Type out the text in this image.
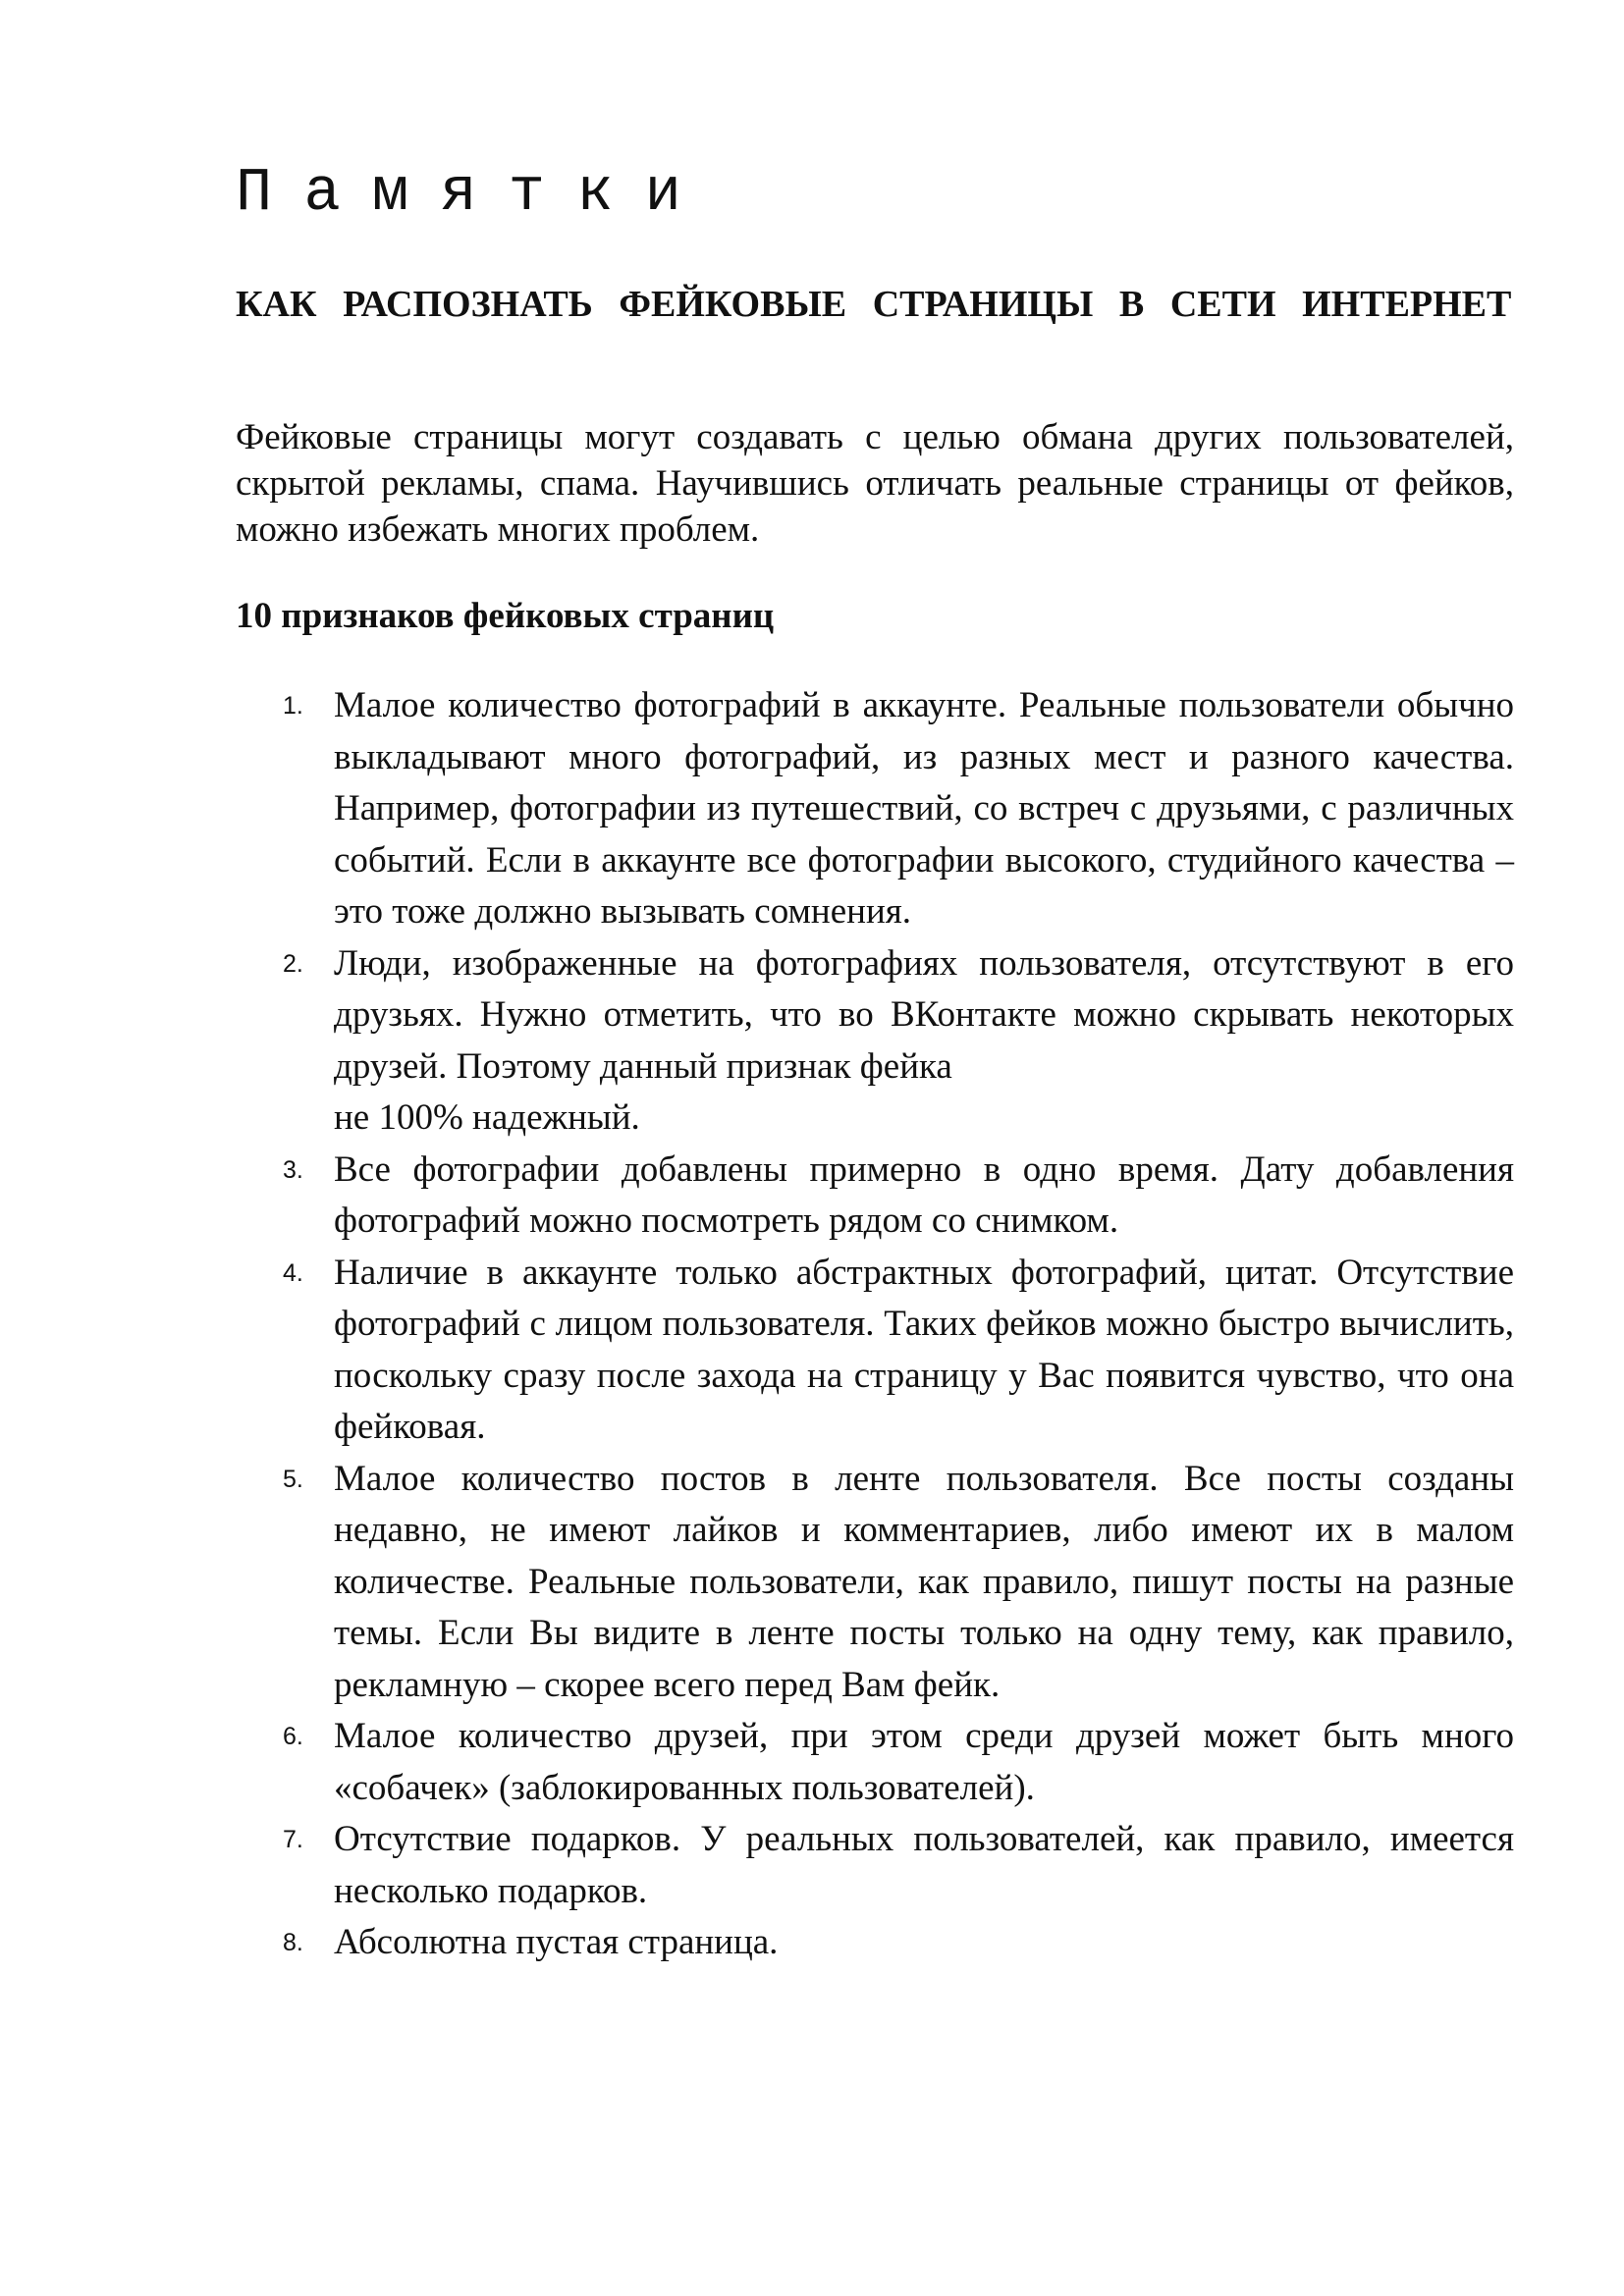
Памятки
КАК РАСПОЗНАТЬ ФЕЙКОВЫЕ СТРАНИЦЫ В СЕТИ ИНТЕРНЕТ

Фейковые страницы могут создавать с целью обмана других пользователей, скрытой рекламы, спама. Научившись отличать реальные страницы от фейков, можно избежать многих проблем.

10 признаков фейковых страниц
1. Малое количество фотографий в аккаунте. Реальные пользователи обычно выкладывают много фотографий, из разных мест и разного качества. Например, фотографии из путешествий, со встреч с друзьями, с различных событий. Если в аккаунте все фотографии высокого, студийного качества – это тоже должно вызывать сомнения.
2. Люди, изображенные на фотографиях пользователя, отсутствуют в его друзьях. Нужно отметить, что во ВКонтакте можно скрывать некоторых друзей. Поэтому данный признак фейка
не 100% надежный.
3. Все фотографии добавлены примерно в одно время. Дату добавления фотографий можно посмотреть рядом со снимком.
4. Наличие в аккаунте только абстрактных фотографий, цитат. Отсутствие фотографий с лицом пользователя. Таких фейков можно быстро вычислить, поскольку сразу после захода на страницу у Вас появится чувство, что она фейковая.
5. Малое количество постов в ленте пользователя. Все посты созданы недавно, не имеют лайков и комментариев, либо имеют их в малом количестве. Реальные пользователи, как правило, пишут посты на разные темы. Если Вы видите в ленте посты только на одну тему, как правило, рекламную – скорее всего перед Вам фейк.
6. Малое количество друзей, при этом среди друзей может быть много «собачек» (заблокированных пользователей).
7. Отсутствие подарков. У реальных пользователей, как правило, имеется несколько подарков.
8. Абсолютна пустая страница.
